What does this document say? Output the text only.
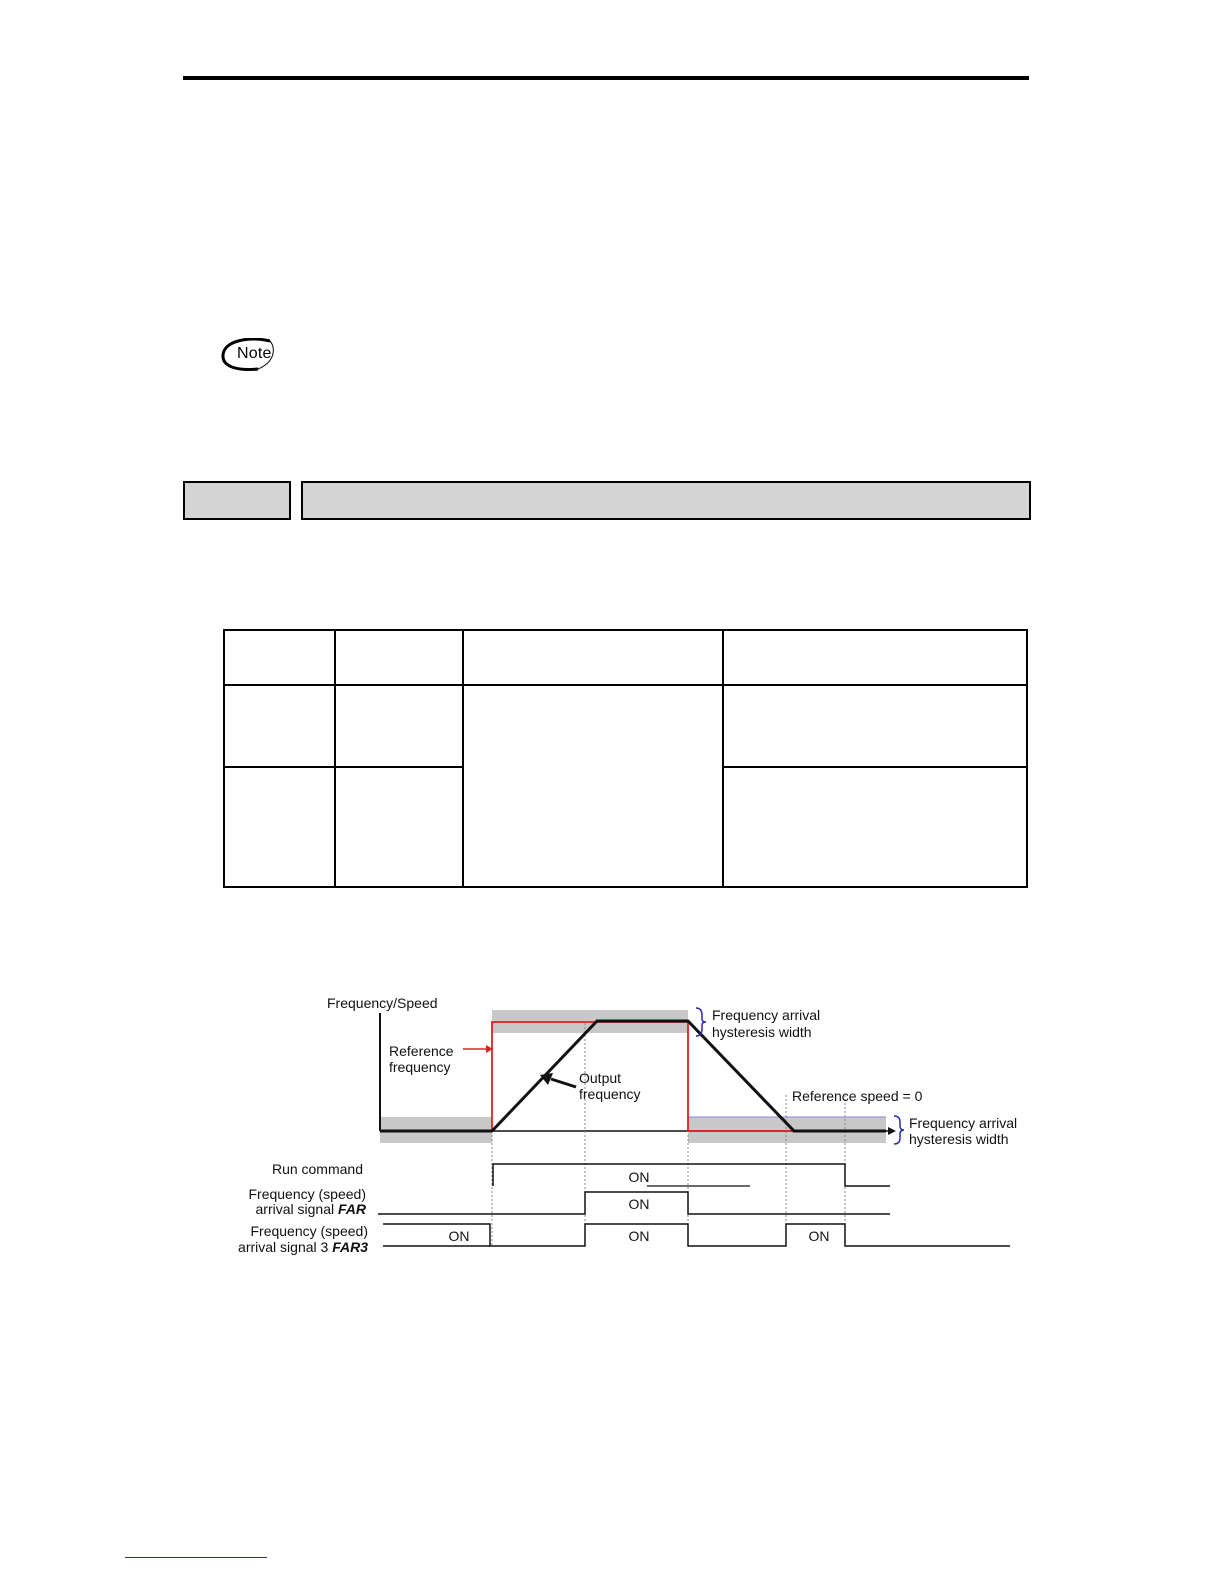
Note
Frequency/Speed
Reference
frequency
Output
frequency
Frequency arrival
hysteresis width
Reference speed = 0
Frequency arrival
hysteresis width
Run command
Frequency (speed)
arrival signal FAR
Frequency (speed)
arrival signal 3 FAR3
ON
ON
ON	ON	ON
